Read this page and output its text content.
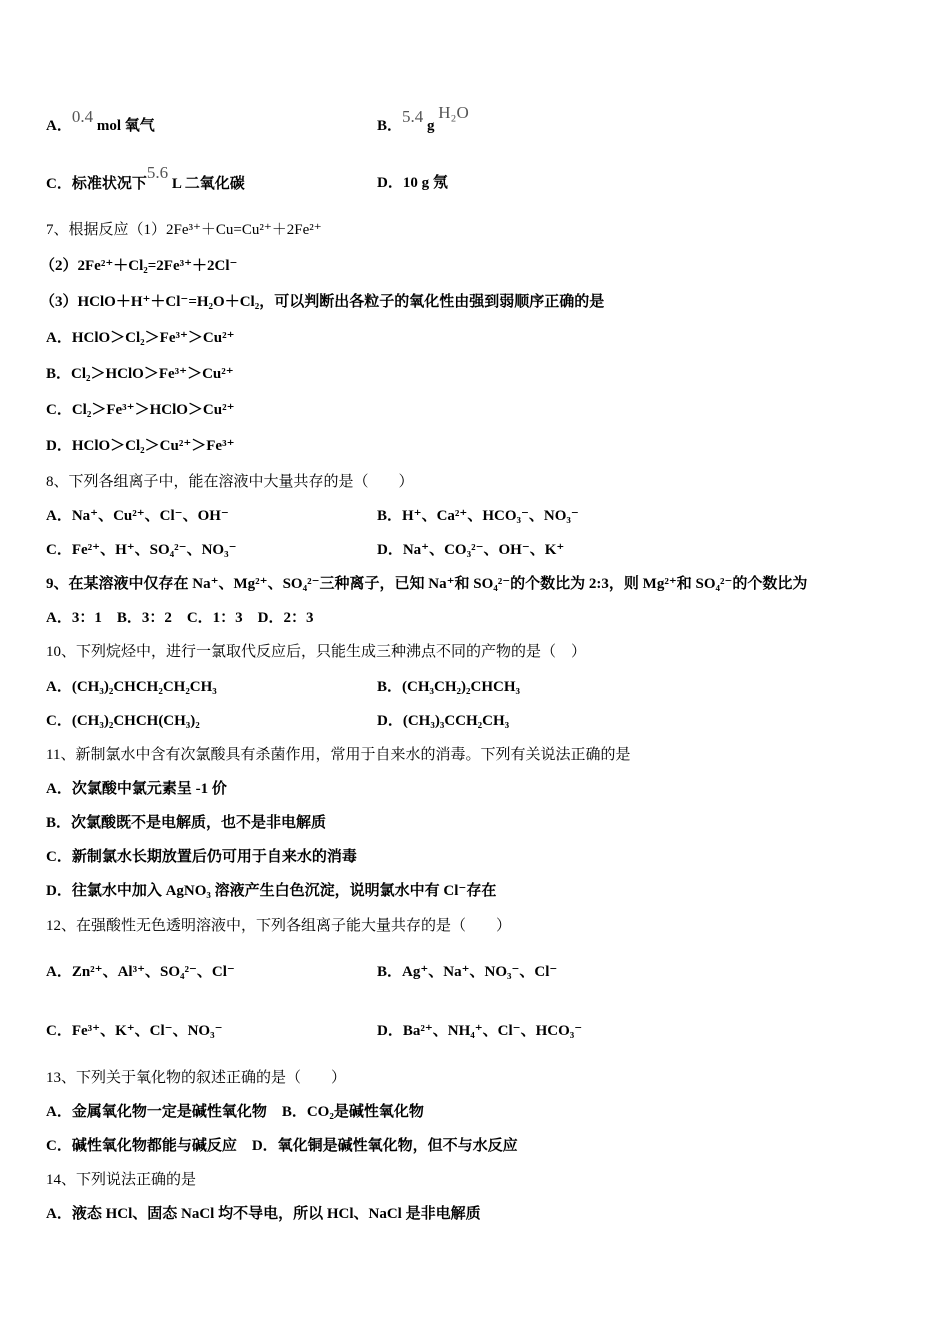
A．0.4 mol 氧气	B．5.4 g H₂O
C．标准状况下5.6 L 二氧化碳	D．10 g 氖
7、根据反应（1）2Fe³⁺＋Cu=Cu²⁺＋2Fe²⁺
（2）2Fe²⁺＋Cl₂=2Fe³⁺＋2Cl⁻
（3）HClO＋H⁺＋Cl⁻=H₂O＋Cl₂，可以判断出各粒子的氧化性由强到弱顺序正确的是
A．HClO＞Cl₂＞Fe³⁺＞Cu²⁺
B．Cl₂＞HClO＞Fe³⁺＞Cu²⁺
C．Cl₂＞Fe³⁺＞HClO＞Cu²⁺
D．HClO＞Cl₂＞Cu²⁺＞Fe³⁺
8、下列各组离子中，能在溶液中大量共存的是（　　）
A．Na⁺、Cu²⁺、Cl⁻、OH⁻	B．H⁺、Ca²⁺、HCO₃⁻、NO₃⁻
C．Fe²⁺、H⁺、SO₄²⁻、NO₃⁻	D．Na⁺、CO₃²⁻、OH⁻、K⁺
9、在某溶液中仅存在 Na⁺、Mg²⁺、SO₄²⁻三种离子，已知 Na⁺和 SO₄²⁻的个数比为 2:3，则 Mg²⁺和 SO₄²⁻的个数比为
A．3：1　B．3：2　C．1：3　D．2：3
10、下列烷烃中，进行一氯取代反应后，只能生成三种沸点不同的产物的是（　）
A．(CH₃)₂CHCH₂CH₂CH₃	B．(CH₃CH₂)₂CHCH₃
C．(CH₃)₂CHCH(CH₃)₂	D．(CH₃)₃CCH₂CH₃
11、新制氯水中含有次氯酸具有杀菌作用，常用于自来水的消毒。下列有关说法正确的是
A．次氯酸中氯元素呈 -1 价
B．次氯酸既不是电解质，也不是非电解质
C．新制氯水长期放置后仍可用于自来水的消毒
D．往氯水中加入 AgNO₃ 溶液产生白色沉淀，说明氯水中有 Cl⁻存在
12、在强酸性无色透明溶液中，下列各组离子能大量共存的是（　　）
A．Zn²⁺、Al³⁺、SO₄²⁻、Cl⁻	B．Ag⁺、Na⁺、NO₃⁻、Cl⁻
C．Fe³⁺、K⁺、Cl⁻、NO₃⁻	D．Ba²⁺、NH₄⁺、Cl⁻、HCO₃⁻
13、下列关于氧化物的叙述正确的是（　　）
A．金属氧化物一定是碱性氧化物　B．CO₂是碱性氧化物
C．碱性氧化物都能与碱反应　D．氧化铜是碱性氧化物，但不与水反应
14、下列说法正确的是
A．液态 HCl、固态 NaCl 均不导电，所以 HCl、NaCl 是非电解质
